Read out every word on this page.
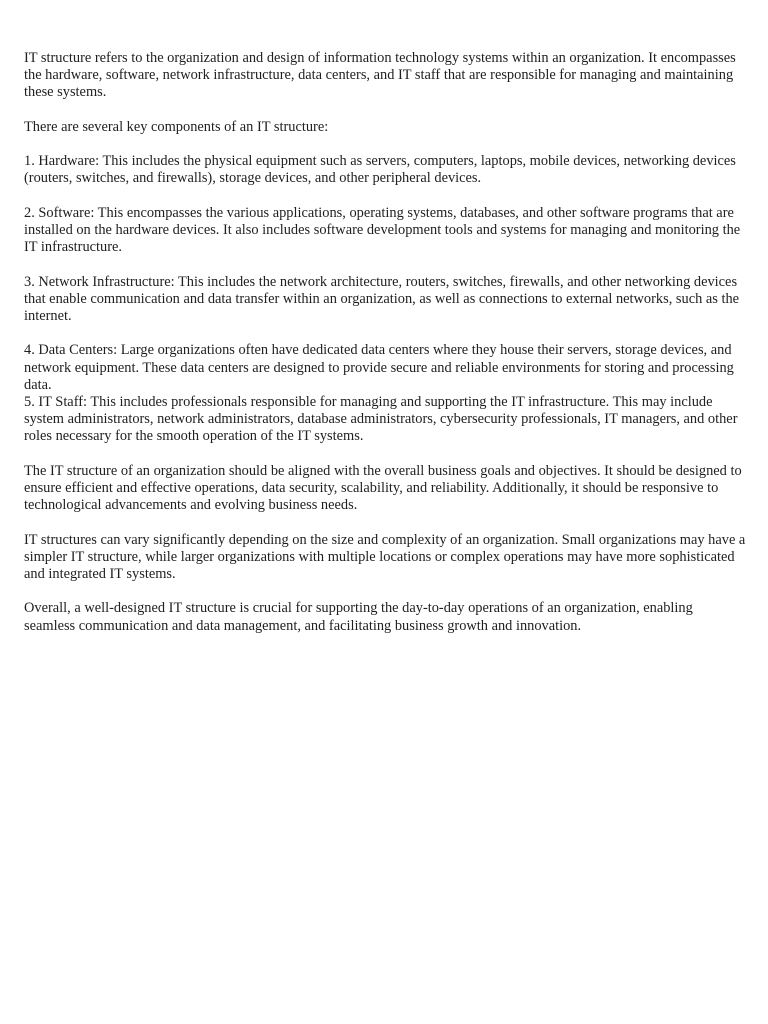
IT structure refers to the organization and design of information technology systems within an organization. It encompasses the hardware, software, network infrastructure, data centers, and IT staff that are responsible for managing and maintaining these systems.

There are several key components of an IT structure:

1. Hardware: This includes the physical equipment such as servers, computers, laptops, mobile devices, networking devices (routers, switches, and firewalls), storage devices, and other peripheral devices.

2. Software: This encompasses the various applications, operating systems, databases, and other software programs that are installed on the hardware devices. It also includes software development tools and systems for managing and monitoring the IT infrastructure.

3. Network Infrastructure: This includes the network architecture, routers, switches, firewalls, and other networking devices that enable communication and data transfer within an organization, as well as connections to external networks, such as the internet.

4. Data Centers: Large organizations often have dedicated data centers where they house their servers, storage devices, and network equipment. These data centers are designed to provide secure and reliable environments for storing and processing data.

5. IT Staff: This includes professionals responsible for managing and supporting the IT infrastructure. This may include system administrators, network administrators, database administrators, cybersecurity professionals, IT managers, and other roles necessary for the smooth operation of the IT systems.

The IT structure of an organization should be aligned with the overall business goals and objectives. It should be designed to ensure efficient and effective operations, data security, scalability, and reliability. Additionally, it should be responsive to technological advancements and evolving business needs.

IT structures can vary significantly depending on the size and complexity of an organization. Small organizations may have a simpler IT structure, while larger organizations with multiple locations or complex operations may have more sophisticated and integrated IT systems.

Overall, a well-designed IT structure is crucial for supporting the day-to-day operations of an organization, enabling seamless communication and data management, and facilitating business growth and innovation.
